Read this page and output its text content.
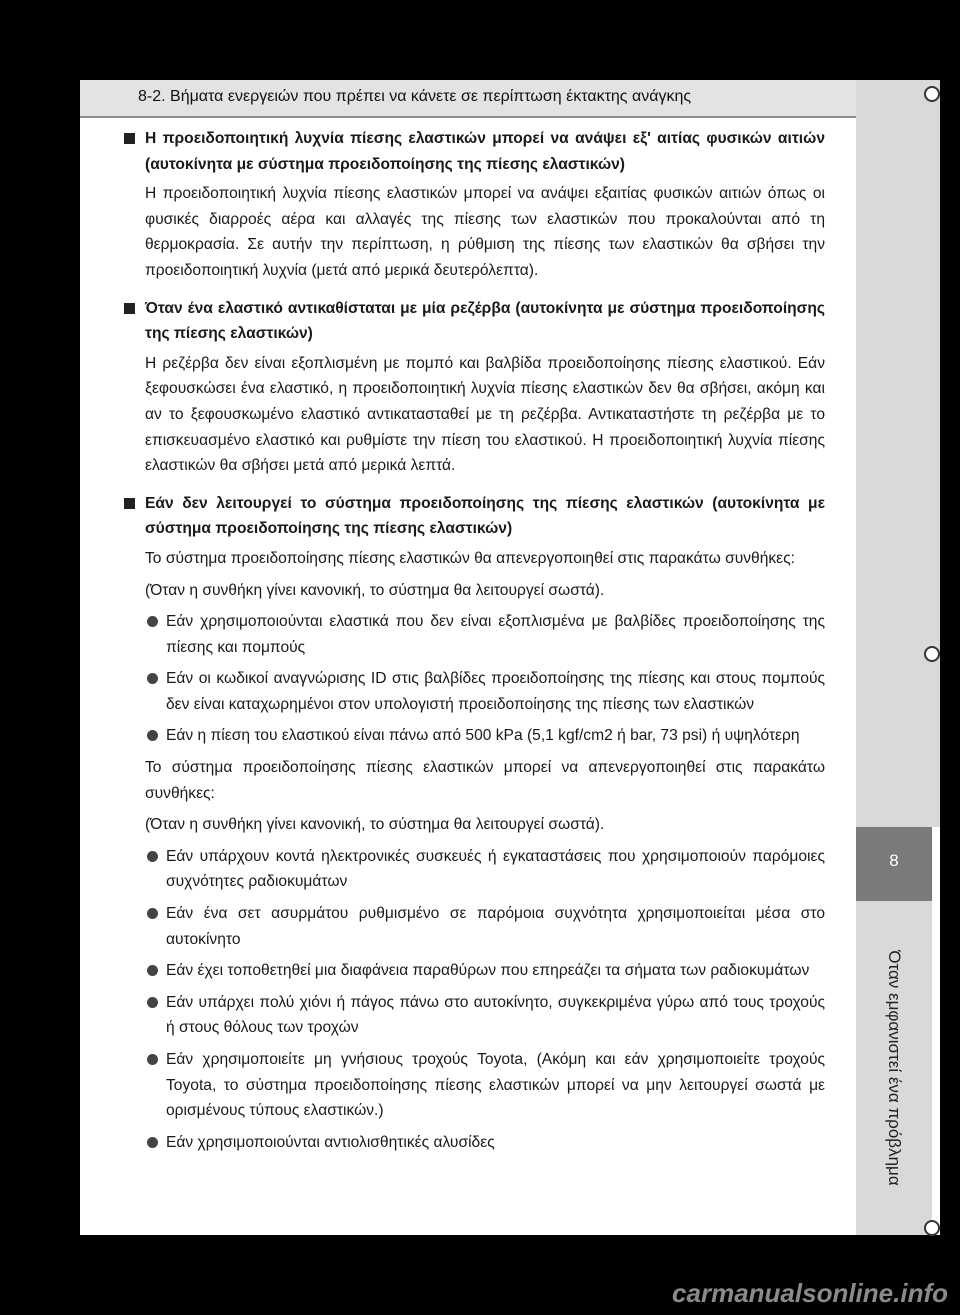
8-2. Βήματα ενεργειών που πρέπει να κάνετε σε περίπτωση έκτακτης ανάγκης
8
Όταν εμφανιστεί ένα πρόβλημα
Η προειδοποιητική λυχνία πίεσης ελαστικών μπορεί να ανάψει εξ' αιτίας φυσικών αιτιών (αυτοκίνητα με σύστημα προειδοποίησης της πίεσης ελαστικών)
Η προειδοποιητική λυχνία πίεσης ελαστικών μπορεί να ανάψει εξαιτίας φυσικών αιτιών όπως οι φυσικές διαρροές αέρα και αλλαγές της πίεσης των ελαστικών που προκαλούνται από τη θερμοκρασία. Σε αυτήν την περίπτωση, η ρύθμιση της πίεσης των ελαστικών θα σβήσει την προειδοποιητική λυχνία (μετά από μερικά δευτερόλεπτα).
Όταν ένα ελαστικό αντικαθίσταται με μία ρεζέρβα (αυτοκίνητα με σύστημα προειδοποίησης της πίεσης ελαστικών)
Η ρεζέρβα δεν είναι εξοπλισμένη με πομπό και βαλβίδα προειδοποίησης πίεσης ελαστικού. Εάν ξεφουσκώσει ένα ελαστικό, η προειδοποιητική λυχνία πίεσης ελαστικών δεν θα σβήσει, ακόμη και αν το ξεφουσκωμένο ελαστικό αντικατασταθεί με τη ρεζέρβα. Αντικαταστήστε τη ρεζέρβα με το επισκευασμένο ελαστικό και ρυθμίστε την πίεση του ελαστικού. Η προειδοποιητική λυχνία πίεσης ελαστικών θα σβήσει μετά από μερικά λεπτά.
Εάν δεν λειτουργεί το σύστημα προειδοποίησης της πίεσης ελαστικών (αυτοκίνητα με σύστημα προειδοποίησης της πίεσης ελαστικών)
Το σύστημα προειδοποίησης πίεσης ελαστικών θα απενεργοποιηθεί στις παρακάτω συνθήκες:
(Όταν η συνθήκη γίνει κανονική, το σύστημα θα λειτουργεί σωστά).
Εάν χρησιμοποιούνται ελαστικά που δεν είναι εξοπλισμένα με βαλβίδες προειδοποίησης της πίεσης και πομπούς
Εάν οι κωδικοί αναγνώρισης ID στις βαλβίδες προειδοποίησης της πίεσης και στους πομπούς δεν είναι καταχωρημένοι στον υπολογιστή προειδοποίησης της πίεσης των ελαστικών
Εάν η πίεση του ελαστικού είναι πάνω από 500 kPa (5,1 kgf/cm2 ή bar, 73 psi) ή υψηλότερη
Το σύστημα προειδοποίησης πίεσης ελαστικών μπορεί να απενεργοποιηθεί στις παρακάτω συνθήκες:
(Όταν η συνθήκη γίνει κανονική, το σύστημα θα λειτουργεί σωστά).
Εάν υπάρχουν κοντά ηλεκτρονικές συσκευές ή εγκαταστάσεις που χρησιμοποιούν παρόμοιες συχνότητες ραδιοκυμάτων
Εάν ένα σετ ασυρμάτου ρυθμισμένο σε παρόμοια συχνότητα χρησιμοποιείται μέσα στο αυτοκίνητο
Εάν έχει τοποθετηθεί μια διαφάνεια παραθύρων που επηρεάζει τα σήματα των ραδιοκυμάτων
Εάν υπάρχει πολύ χιόνι ή πάγος πάνω στο αυτοκίνητο, συγκεκριμένα γύρω από τους τροχούς ή στους θόλους των τροχών
Εάν χρησιμοποιείτε μη γνήσιους τροχούς Toyota, (Ακόμη και εάν χρησιμοποιείτε τροχούς Toyota, το σύστημα προειδοποίησης πίεσης ελαστικών μπορεί να μην λειτουργεί σωστά με ορισμένους τύπους ελαστικών.)
Εάν χρησιμοποιούνται αντιολισθητικές αλυσίδες
carmanualsonline.info
